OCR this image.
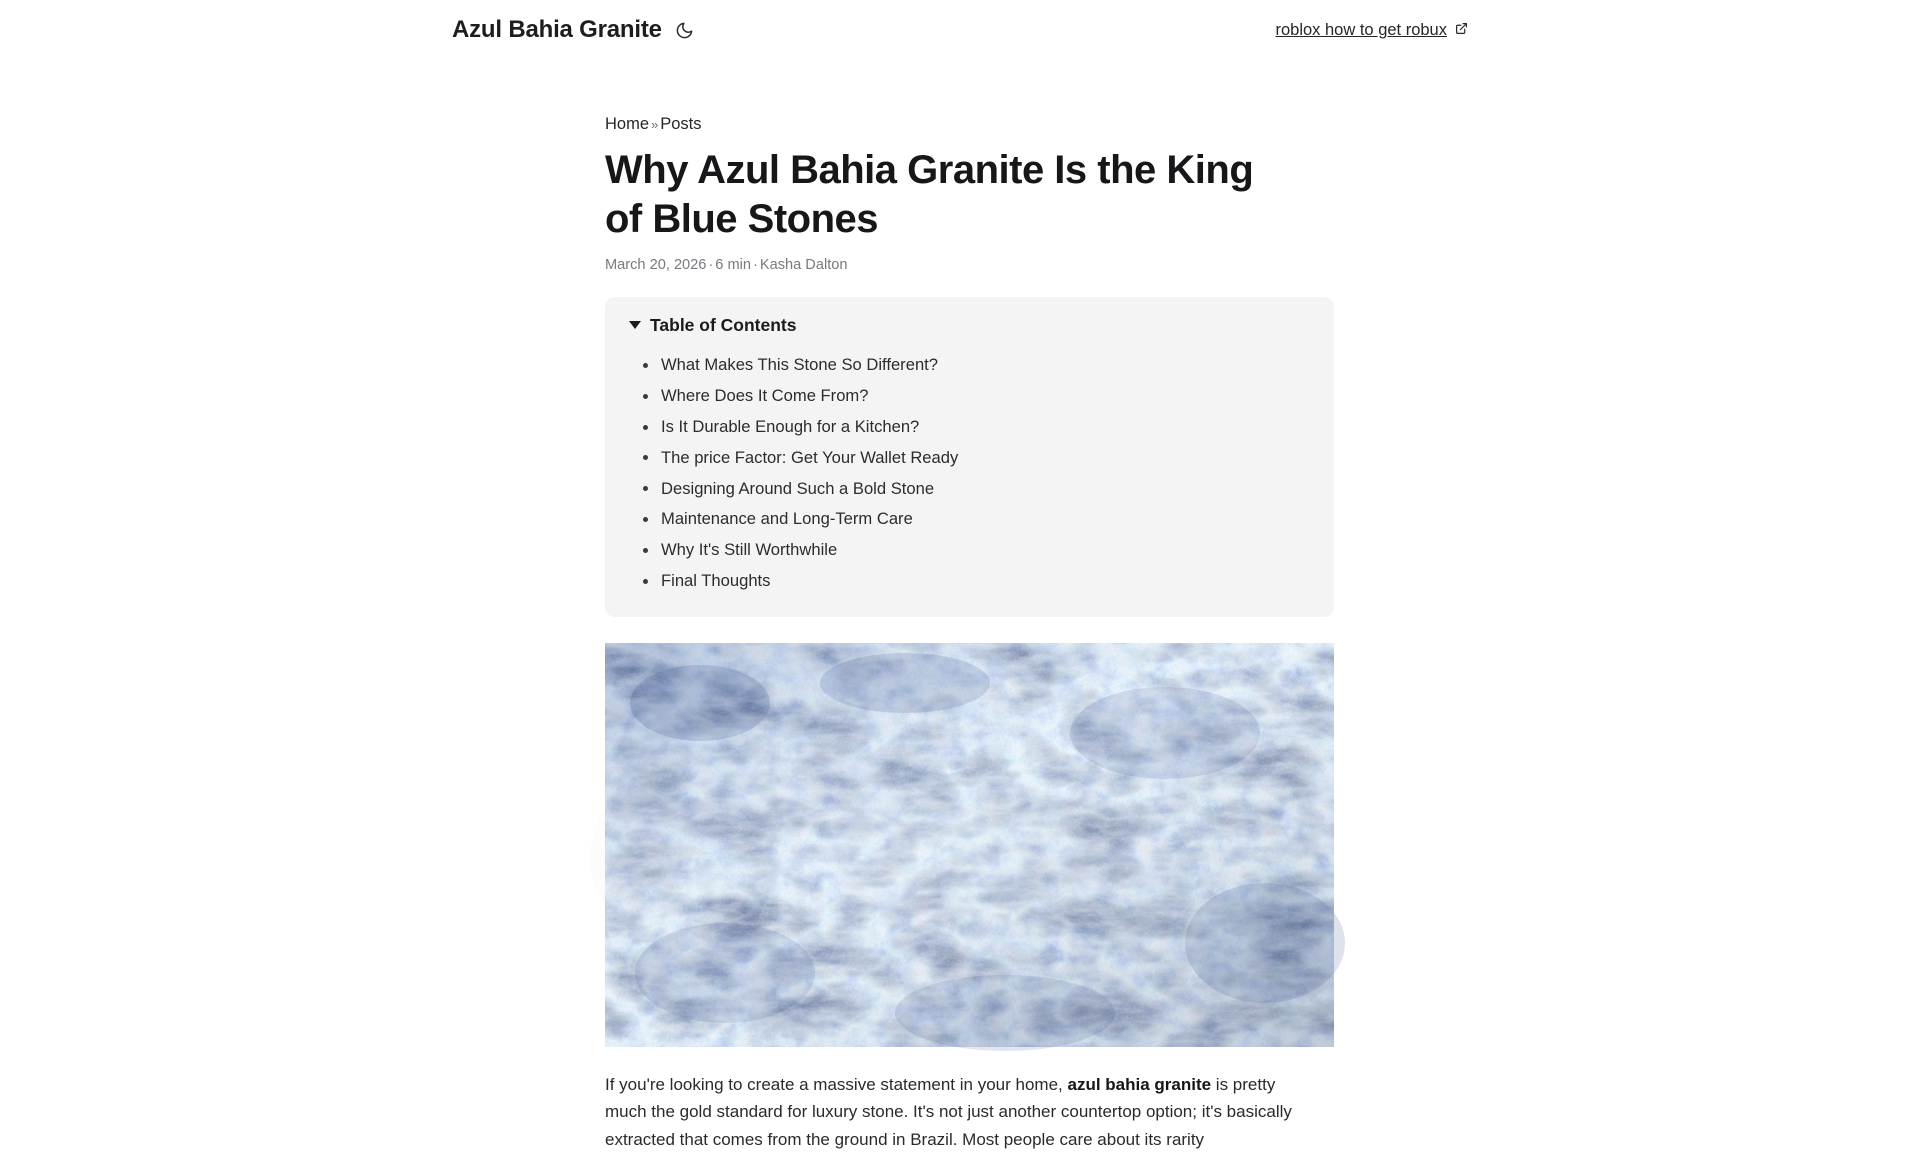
Azul Bahia Granite	roblox how to get robux
Home » Posts
Why Azul Bahia Granite Is the King of Blue Stones
March 20, 2026 · 6 min · Kasha Dalton
Table of Contents
What Makes This Stone So Different?
Where Does It Come From?
Is It Durable Enough for a Kitchen?
The price Factor: Get Your Wallet Ready
Designing Around Such a Bold Stone
Maintenance and Long-Term Care
Why It's Still Worthwhile
Final Thoughts

If you're looking to create a massive statement in your home, azul bahia granite is pretty much the gold standard for luxury stone. It's not just another countertop option; it's basically extracted that comes from the ground in Brazil. Most people care about its rarity
